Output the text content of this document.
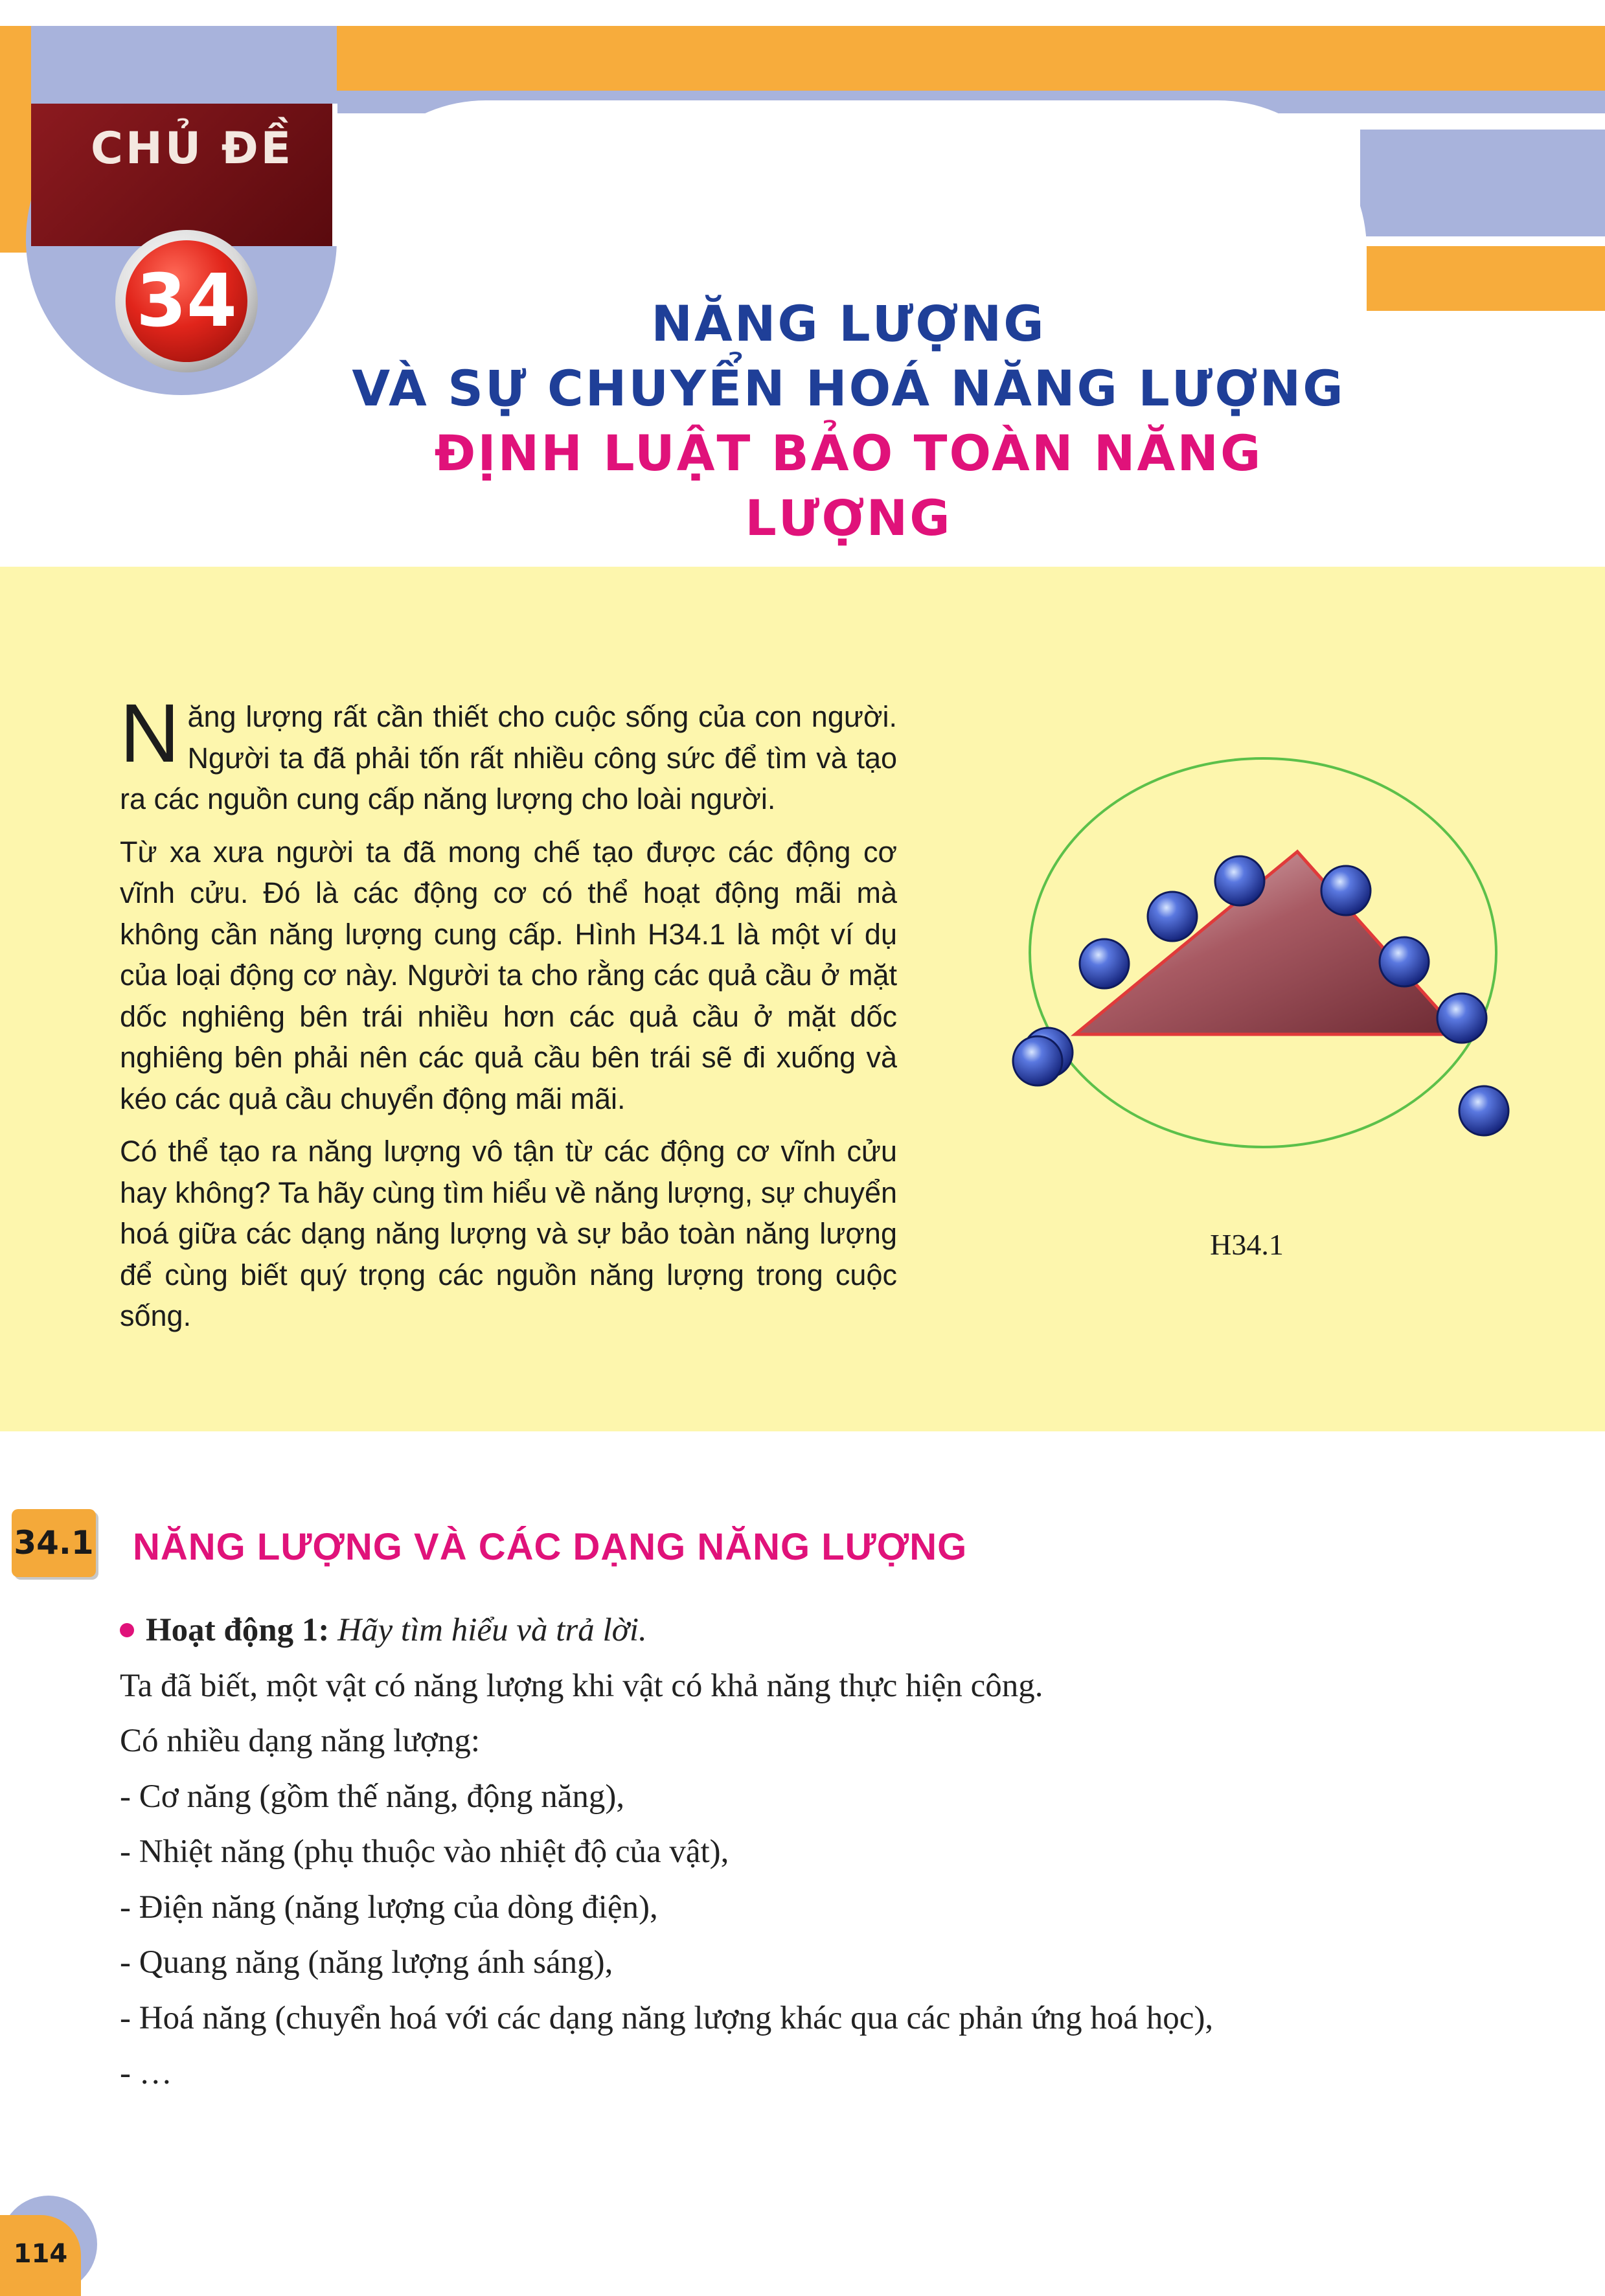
CHỦ ĐỀ
34	NĂNG LƯỢNG
VÀ SỰ CHUYỂN HOÁ NĂNG LƯỢNG
ĐỊNH LUẬT BẢO TOÀN NĂNG LƯỢNG

Năng lượng rất cần thiết cho cuộc sống của con người. Người ta đã phải tốn rất nhiều công sức để tìm và tạo ra các nguồn cung cấp năng lượng cho loài người.

Từ xa xưa người ta đã mong chế tạo được các động cơ vĩnh cửu. Đó là các động cơ có thể hoạt động mãi mà không cần năng lượng cung cấp. Hình H34.1 là một ví dụ của loại động cơ này. Người ta cho rằng các quả cầu ở mặt dốc nghiêng bên trái nhiều hơn các quả cầu ở mặt dốc nghiêng bên phải nên các quả cầu bên trái sẽ đi xuống và kéo các quả cầu chuyển động mãi mãi.

Có thể tạo ra năng lượng vô tận từ các động cơ vĩnh cửu hay không? Ta hãy cùng tìm hiểu về năng lượng, sự chuyển hoá giữa các dạng năng lượng và sự bảo toàn năng lượng để cùng biết quý trọng các nguồn năng lượng trong cuộc sống.

H34.1
34.1 NĂNG LƯỢNG VÀ CÁC DẠNG NĂNG LƯỢNG
Hoạt động 1: Hãy tìm hiểu và trả lời.
Ta đã biết, một vật có năng lượng khi vật có khả năng thực hiện công.
Có nhiều dạng năng lượng:
- Cơ năng (gồm thế năng, động năng),
- Nhiệt năng (phụ thuộc vào nhiệt độ của vật),
- Điện năng (năng lượng của dòng điện),
- Quang năng (năng lượng ánh sáng),
- Hoá năng (chuyển hoá với các dạng năng lượng khác qua các phản ứng hoá học),
- …
114
